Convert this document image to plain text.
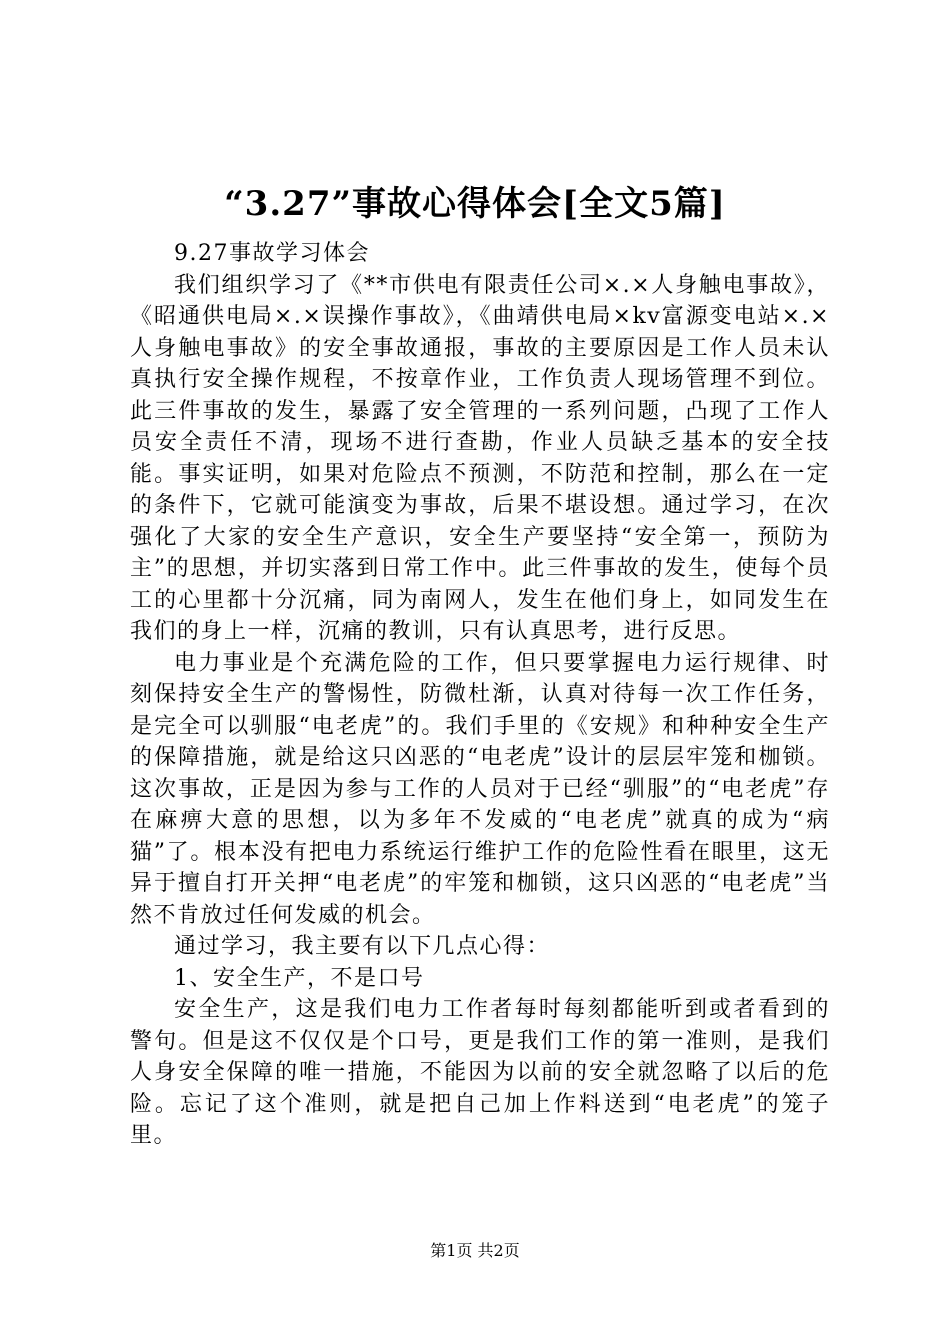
“3.27”事故心得体会[全文5篇]

9.27事故学习体会

我们组织学习了《**市供电有限责任公司×.×人身触电事故》，《昭通供电局×.×误操作事故》，《曲靖供电局×kv富源变电站×.×人身触电事故》的安全事故通报，事故的主要原因是工作人员未认真执行安全操作规程，不按章作业，工作负责人现场管理不到位。此三件事故的发生，暴露了安全管理的一系列问题，凸现了工作人员安全责任不清，现场不进行查勘，作业人员缺乏基本的安全技能。事实证明，如果对危险点不预测，不防范和控制，那么在一定的条件下，它就可能演变为事故，后果不堪设想。通过学习，在次强化了大家的安全生产意识，安全生产要坚持“安全第一，预防为主”的思想，并切实落到日常工作中。此三件事故的发生，使每个员工的心里都十分沉痛，同为南网人，发生在他们身上，如同发生在我们的身上一样，沉痛的教训，只有认真思考，进行反思。

电力事业是个充满危险的工作，但只要掌握电力运行规律、时刻保持安全生产的警惕性，防微杜渐，认真对待每一次工作任务，是完全可以驯服“电老虎”的。我们手里的《安规》和种种安全生产的保障措施，就是给这只凶恶的“电老虎”设计的层层牢笼和枷锁。这次事故，正是因为参与工作的人员对于已经“驯服”的“电老虎”存在麻痹大意的思想，以为多年不发威的“电老虎”就真的成为“病猫”了。根本没有把电力系统运行维护工作的危险性看在眼里，这无异于擅自打开关押“电老虎”的牢笼和枷锁，这只凶恶的“电老虎”当然不肯放过任何发威的机会。

通过学习，我主要有以下几点心得：

1、安全生产，不是口号

安全生产，这是我们电力工作者每时每刻都能听到或者看到的警句。但是这不仅仅是个口号，更是我们工作的第一准则，是我们人身安全保障的唯一措施，不能因为以前的安全就忽略了以后的危险。忘记了这个准则，就是把自己加上作料送到“电老虎”的笼子里。

第1页 共2页
